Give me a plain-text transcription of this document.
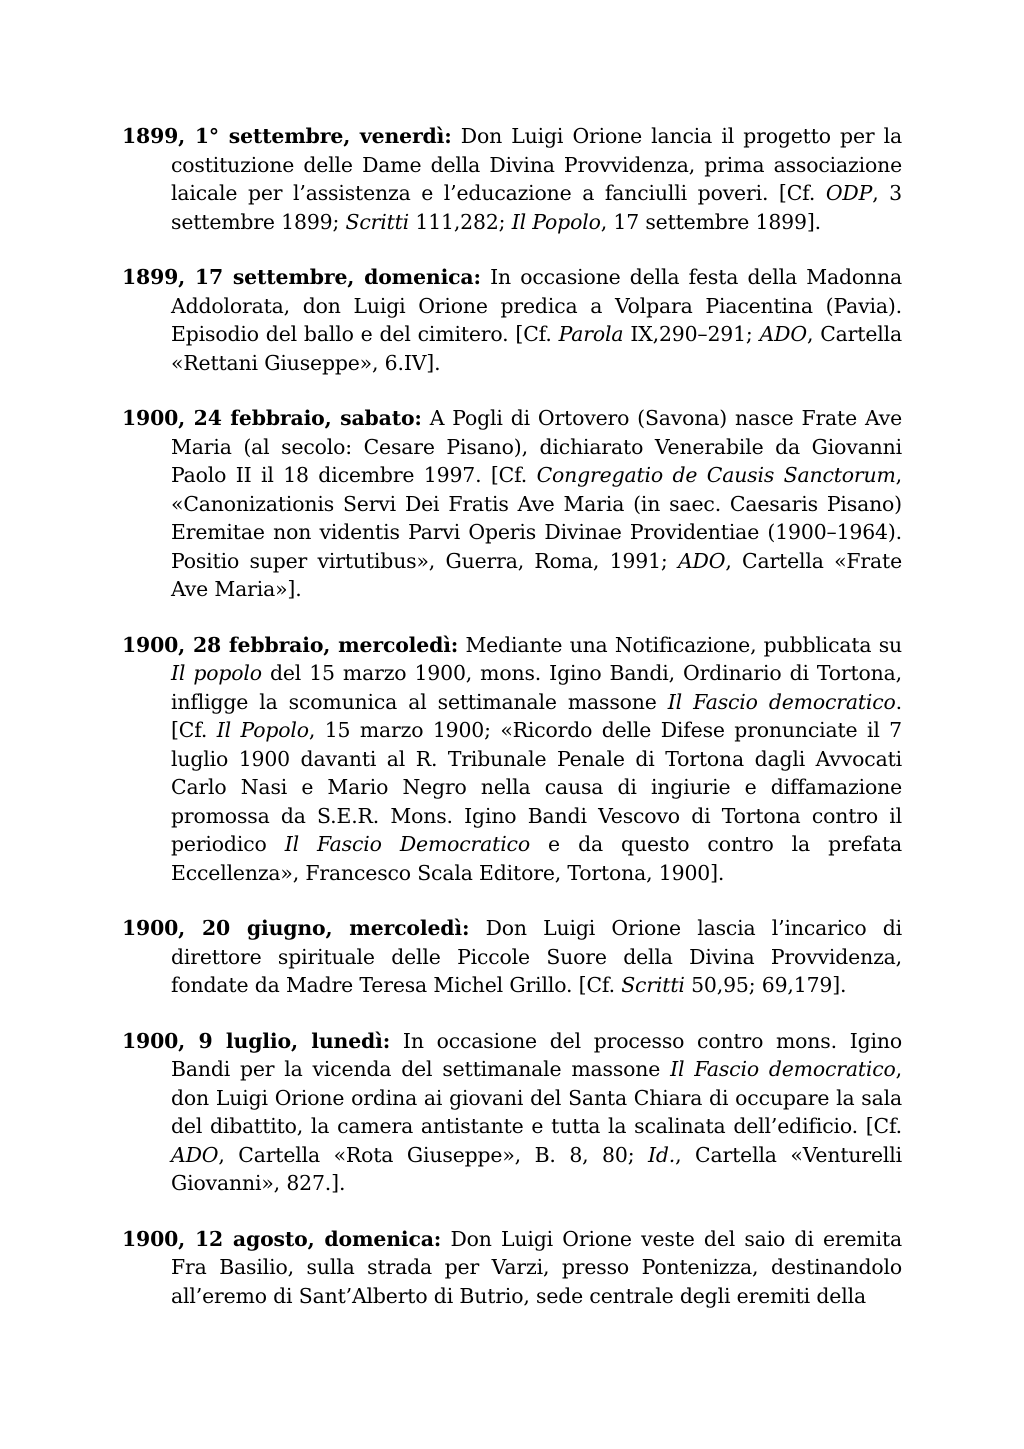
1899, 1° settembre, venerdì: Don Luigi Orione lancia il progetto per la costituzione delle Dame della Divina Provvidenza, prima associazione laicale per l’assistenza e l’educazione a fanciulli poveri. [Cf. ODP, 3 settembre 1899; Scritti 111,282; Il Popolo, 17 settembre 1899].

1899, 17 settembre, domenica: In occasione della festa della Madonna Addolorata, don Luigi Orione predica a Volpara Piacentina (Pavia). Episodio del ballo e del cimitero. [Cf. Parola IX,290–291; ADO, Cartella «Rettani Giuseppe», 6.IV].

1900, 24 febbraio, sabato: A Pogli di Ortovero (Savona) nasce Frate Ave Maria (al secolo: Cesare Pisano), dichiarato Venerabile da Giovanni Paolo II il 18 dicembre 1997. [Cf. Congregatio de Causis Sanctorum, «Canonizationis Servi Dei Fratis Ave Maria (in saec. Caesaris Pisano) Eremitae non videntis Parvi Operis Divinae Providentiae (1900–1964). Positio super virtutibus», Guerra, Roma, 1991; ADO, Cartella «Frate Ave Maria»].

1900, 28 febbraio, mercoledì: Mediante una Notificazione, pubblicata su Il popolo del 15 marzo 1900, mons. Igino Bandi, Ordinario di Tortona, infligge la scomunica al settimanale massone Il Fascio democratico. [Cf. Il Popolo, 15 marzo 1900; «Ricordo delle Difese pronunciate il 7 luglio 1900 davanti al R. Tribunale Penale di Tortona dagli Avvocati Carlo Nasi e Mario Negro nella causa di ingiurie e diffamazione promossa da S.E.R. Mons. Igino Bandi Vescovo di Tortona contro il periodico Il Fascio Democratico e da questo contro la prefata Eccellenza», Francesco Scala Editore, Tortona, 1900].

1900, 20 giugno, mercoledì: Don Luigi Orione lascia l’incarico di direttore spirituale delle Piccole Suore della Divina Provvidenza, fondate da Madre Teresa Michel Grillo. [Cf. Scritti 50,95; 69,179].

1900, 9 luglio, lunedì: In occasione del processo contro mons. Igino Bandi per la vicenda del settimanale massone Il Fascio democratico, don Luigi Orione ordina ai giovani del Santa Chiara di occupare la sala del dibattito, la camera antistante e tutta la scalinata dell’edificio. [Cf. ADO, Cartella «Rota Giuseppe», B. 8, 80; Id., Cartella «Venturelli Giovanni», 827.].

1900, 12 agosto, domenica: Don Luigi Orione veste del saio di eremita Fra Basilio, sulla strada per Varzi, presso Pontenizza, destinandolo all’eremo di Sant’Alberto di Butrio, sede centrale degli eremiti della
